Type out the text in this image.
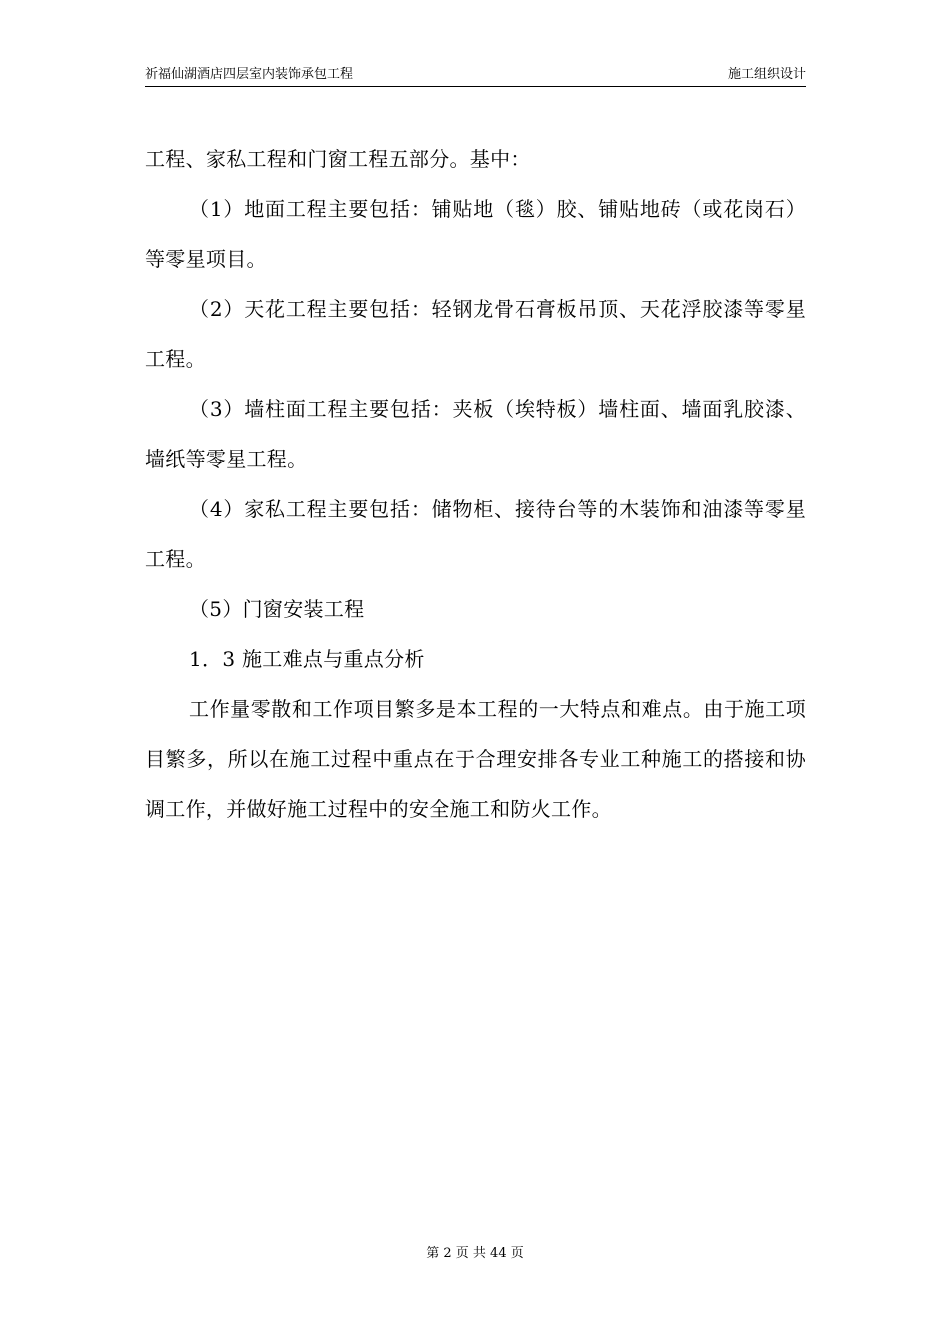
祈福仙湖酒店四层室内装饰承包工程	施工组织设计

工程、家私工程和门窗工程五部分。基中：

（1）地面工程主要包括：铺贴地（毯）胶、铺贴地砖（或花岗石）等零星项目。

（2）天花工程主要包括：轻钢龙骨石膏板吊顶、天花浮胶漆等零星工程。

（3）墙柱面工程主要包括：夹板（埃特板）墙柱面、墙面乳胶漆、墙纸等零星工程。

（4）家私工程主要包括：储物柜、接待台等的木装饰和油漆等零星工程。

（5）门窗安装工程

1．3 施工难点与重点分析

工作量零散和工作项目繁多是本工程的一大特点和难点。由于施工项目繁多，所以在施工过程中重点在于合理安排各专业工种施工的搭接和协调工作，并做好施工过程中的安全施工和防火工作。

第 2 页 共 44 页
